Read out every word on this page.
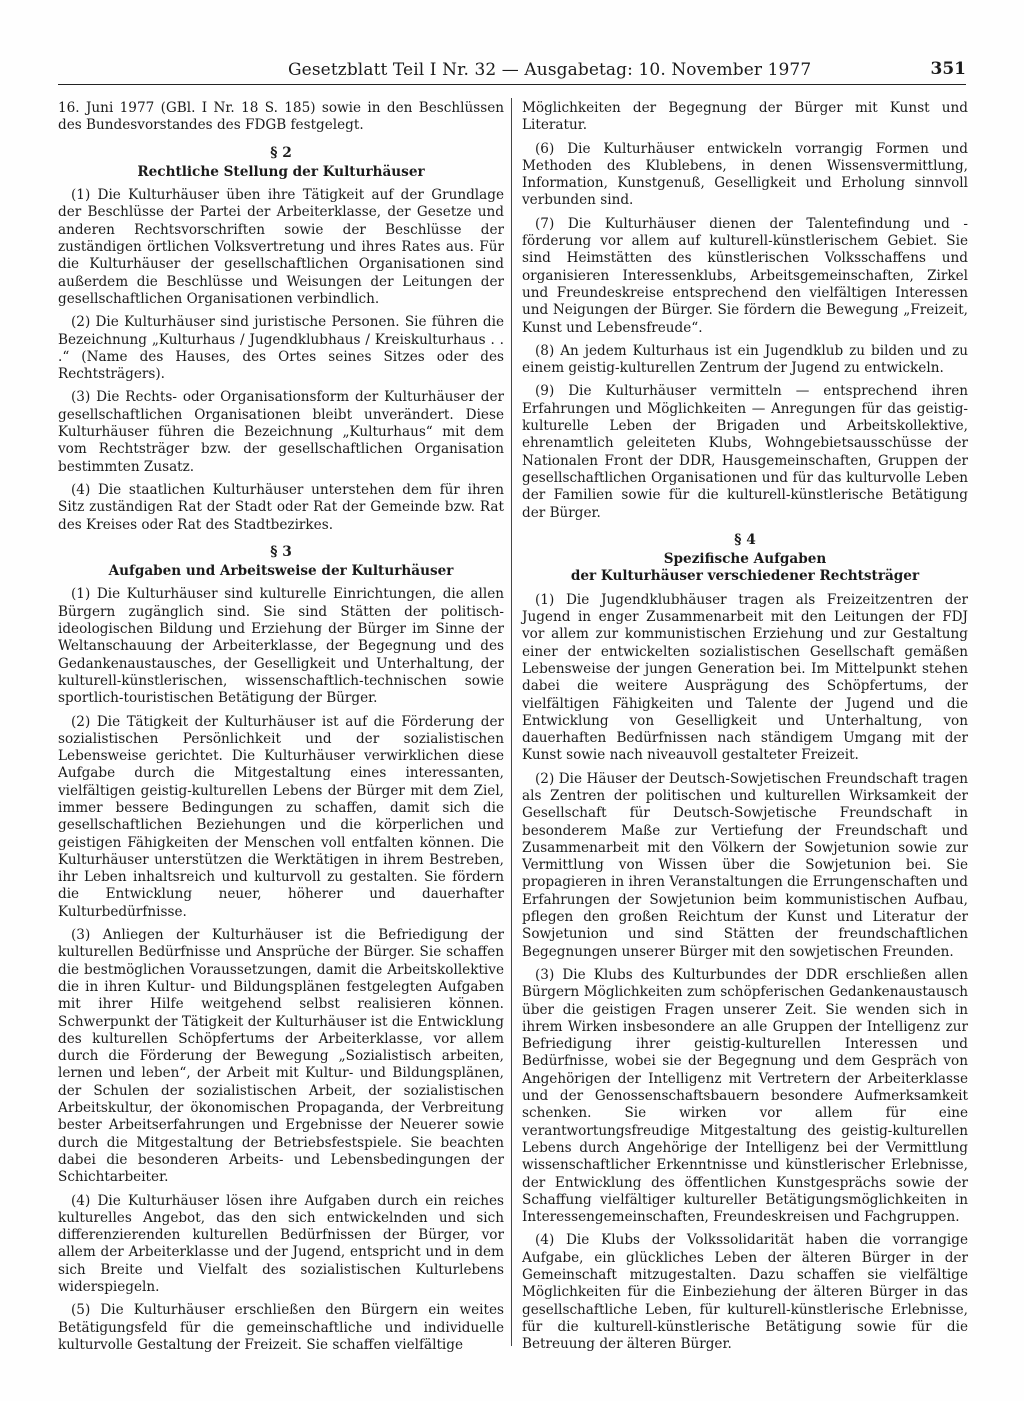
Gesetzblatt Teil I Nr. 32 — Ausgabetag: 10. November 1977	351

16. Juni 1977 (GBl. I Nr. 18 S. 185) sowie in den Beschlüssen des Bundesvorstandes des FDGB festgelegt.

§ 2
Rechtliche Stellung der Kulturhäuser

(1) Die Kulturhäuser üben ihre Tätigkeit auf der Grundlage der Beschlüsse der Partei der Arbeiterklasse, der Gesetze und anderen Rechtsvorschriften sowie der Beschlüsse der zuständigen örtlichen Volksvertretung und ihres Rates aus. Für die Kulturhäuser der gesellschaftlichen Organisationen sind außerdem die Beschlüsse und Weisungen der Leitungen der gesellschaftlichen Organisationen verbindlich.

(2) Die Kulturhäuser sind juristische Personen. Sie führen die Bezeichnung „Kulturhaus / Jugendklubhaus / Kreiskulturhaus . . .“ (Name des Hauses, des Ortes seines Sitzes oder des Rechtsträgers).

(3) Die Rechts- oder Organisationsform der Kulturhäuser der gesellschaftlichen Organisationen bleibt unverändert. Diese Kulturhäuser führen die Bezeichnung „Kulturhaus“ mit dem vom Rechtsträger bzw. der gesellschaftlichen Organisation bestimmten Zusatz.

(4) Die staatlichen Kulturhäuser unterstehen dem für ihren Sitz zuständigen Rat der Stadt oder Rat der Gemeinde bzw. Rat des Kreises oder Rat des Stadtbezirkes.

§ 3
Aufgaben und Arbeitsweise der Kulturhäuser

(1) Die Kulturhäuser sind kulturelle Einrichtungen, die allen Bürgern zugänglich sind. Sie sind Stätten der politisch-ideologischen Bildung und Erziehung der Bürger im Sinne der Weltanschauung der Arbeiterklasse, der Begegnung und des Gedankenaustausches, der Geselligkeit und Unterhaltung, der kulturell-künstlerischen, wissenschaftlich-technischen sowie sportlich-touristischen Betätigung der Bürger.

(2) Die Tätigkeit der Kulturhäuser ist auf die Förderung der sozialistischen Persönlichkeit und der sozialistischen Lebensweise gerichtet. Die Kulturhäuser verwirklichen diese Aufgabe durch die Mitgestaltung eines interessanten, vielfältigen geistig-kulturellen Lebens der Bürger mit dem Ziel, immer bessere Bedingungen zu schaffen, damit sich die gesellschaftlichen Beziehungen und die körperlichen und geistigen Fähigkeiten der Menschen voll entfalten können. Die Kulturhäuser unterstützen die Werktätigen in ihrem Bestreben, ihr Leben inhaltsreich und kulturvoll zu gestalten. Sie fördern die Entwicklung neuer, höherer und dauerhafter Kulturbedürfnisse.

(3) Anliegen der Kulturhäuser ist die Befriedigung der kulturellen Bedürfnisse und Ansprüche der Bürger. Sie schaffen die bestmöglichen Voraussetzungen, damit die Arbeitskollektive die in ihren Kultur- und Bildungsplänen festgelegten Aufgaben mit ihrer Hilfe weitgehend selbst realisieren können. Schwerpunkt der Tätigkeit der Kulturhäuser ist die Entwicklung des kulturellen Schöpfertums der Arbeiterklasse, vor allem durch die Förderung der Bewegung „Sozialistisch arbeiten, lernen und leben“, der Arbeit mit Kultur- und Bildungsplänen, der Schulen der sozialistischen Arbeit, der sozialistischen Arbeitskultur, der ökonomischen Propaganda, der Verbreitung bester Arbeitserfahrungen und Ergebnisse der Neuerer sowie durch die Mitgestaltung der Betriebsfestspiele. Sie beachten dabei die besonderen Arbeits- und Lebensbedingungen der Schichtarbeiter.

(4) Die Kulturhäuser lösen ihre Aufgaben durch ein reiches kulturelles Angebot, das den sich entwickelnden und sich differenzierenden kulturellen Bedürfnissen der Bürger, vor allem der Arbeiterklasse und der Jugend, entspricht und in dem sich Breite und Vielfalt des sozialistischen Kulturlebens widerspiegeln.

(5) Die Kulturhäuser erschließen den Bürgern ein weites Betätigungsfeld für die gemeinschaftliche und individuelle kulturvolle Gestaltung der Freizeit. Sie schaffen vielfältige

Möglichkeiten der Begegnung der Bürger mit Kunst und Literatur.

(6) Die Kulturhäuser entwickeln vorrangig Formen und Methoden des Klublebens, in denen Wissensvermittlung, Information, Kunstgenuß, Geselligkeit und Erholung sinnvoll verbunden sind.

(7) Die Kulturhäuser dienen der Talentefindung und -förderung vor allem auf kulturell-künstlerischem Gebiet. Sie sind Heimstätten des künstlerischen Volksschaffens und organisieren Interessenklubs, Arbeitsgemeinschaften, Zirkel und Freundeskreise entsprechend den vielfältigen Interessen und Neigungen der Bürger. Sie fördern die Bewegung „Freizeit, Kunst und Lebensfreude“.

(8) An jedem Kulturhaus ist ein Jugendklub zu bilden und zu einem geistig-kulturellen Zentrum der Jugend zu entwickeln.

(9) Die Kulturhäuser vermitteln — entsprechend ihren Erfahrungen und Möglichkeiten — Anregungen für das geistig-kulturelle Leben der Brigaden und Arbeitskollektive, ehrenamtlich geleiteten Klubs, Wohngebietsausschüsse der Nationalen Front der DDR, Hausgemeinschaften, Gruppen der gesellschaftlichen Organisationen und für das kulturvolle Leben der Familien sowie für die kulturell-künstlerische Betätigung der Bürger.

§ 4
Spezifische Aufgaben
der Kulturhäuser verschiedener Rechtsträger

(1) Die Jugendklubhäuser tragen als Freizeitzentren der Jugend in enger Zusammenarbeit mit den Leitungen der FDJ vor allem zur kommunistischen Erziehung und zur Gestaltung einer der entwickelten sozialistischen Gesellschaft gemäßen Lebensweise der jungen Generation bei. Im Mittelpunkt stehen dabei die weitere Ausprägung des Schöpfertums, der vielfältigen Fähigkeiten und Talente der Jugend und die Entwicklung von Geselligkeit und Unterhaltung, von dauerhaften Bedürfnissen nach ständigem Umgang mit der Kunst sowie nach niveauvoll gestalteter Freizeit.

(2) Die Häuser der Deutsch-Sowjetischen Freundschaft tragen als Zentren der politischen und kulturellen Wirksamkeit der Gesellschaft für Deutsch-Sowjetische Freundschaft in besonderem Maße zur Vertiefung der Freundschaft und Zusammenarbeit mit den Völkern der Sowjetunion sowie zur Vermittlung von Wissen über die Sowjetunion bei. Sie propagieren in ihren Veranstaltungen die Errungenschaften und Erfahrungen der Sowjetunion beim kommunistischen Aufbau, pflegen den großen Reichtum der Kunst und Literatur der Sowjetunion und sind Stätten der freundschaftlichen Begegnungen unserer Bürger mit den sowjetischen Freunden.

(3) Die Klubs des Kulturbundes der DDR erschließen allen Bürgern Möglichkeiten zum schöpferischen Gedankenaustausch über die geistigen Fragen unserer Zeit. Sie wenden sich in ihrem Wirken insbesondere an alle Gruppen der Intelligenz zur Befriedigung ihrer geistig-kulturellen Interessen und Bedürfnisse, wobei sie der Begegnung und dem Gespräch von Angehörigen der Intelligenz mit Vertretern der Arbeiterklasse und der Genossenschaftsbauern besondere Aufmerksamkeit schenken. Sie wirken vor allem für eine verantwortungsfreudige Mitgestaltung des geistig-kulturellen Lebens durch Angehörige der Intelligenz bei der Vermittlung wissenschaftlicher Erkenntnisse und künstlerischer Erlebnisse, der Entwicklung des öffentlichen Kunstgesprächs sowie der Schaffung vielfältiger kultureller Betätigungsmöglichkeiten in Interessengemeinschaften, Freundeskreisen und Fachgruppen.

(4) Die Klubs der Volkssolidarität haben die vorrangige Aufgabe, ein glückliches Leben der älteren Bürger in der Gemeinschaft mitzugestalten. Dazu schaffen sie vielfältige Möglichkeiten für die Einbeziehung der älteren Bürger in das gesellschaftliche Leben, für kulturell-künstlerische Erlebnisse, für die kulturell-künstlerische Betätigung sowie für die Betreuung der älteren Bürger.
